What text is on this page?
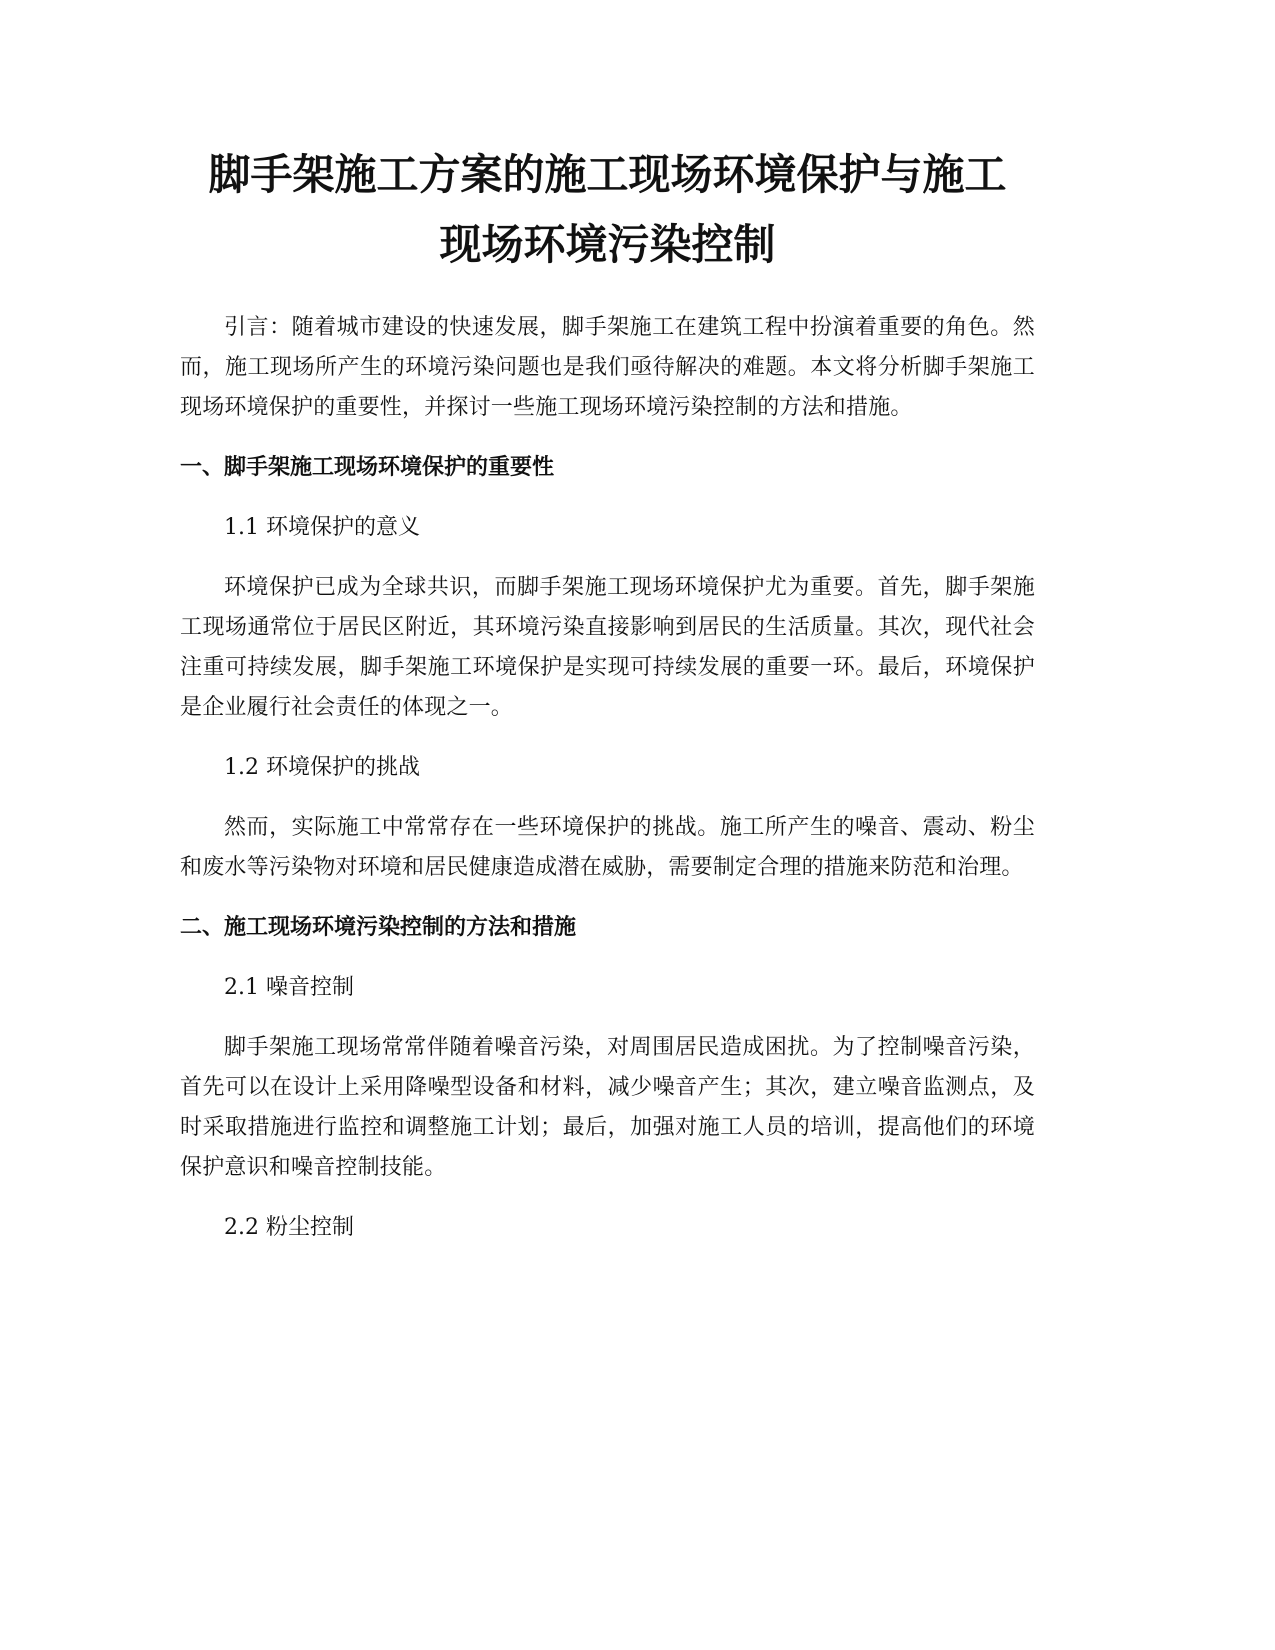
脚手架施工方案的施工现场环境保护与施工
现场环境污染控制

引言：随着城市建设的快速发展，脚手架施工在建筑工程中扮演着重要的角色。然而，施工现场所产生的环境污染问题也是我们亟待解决的难题。本文将分析脚手架施工现场环境保护的重要性，并探讨一些施工现场环境污染控制的方法和措施。

一、脚手架施工现场环境保护的重要性

1.1 环境保护的意义

环境保护已成为全球共识，而脚手架施工现场环境保护尤为重要。首先，脚手架施工现场通常位于居民区附近，其环境污染直接影响到居民的生活质量。其次，现代社会注重可持续发展，脚手架施工环境保护是实现可持续发展的重要一环。最后，环境保护是企业履行社会责任的体现之一。

1.2 环境保护的挑战

然而，实际施工中常常存在一些环境保护的挑战。施工所产生的噪音、震动、粉尘和废水等污染物对环境和居民健康造成潜在威胁，需要制定合理的措施来防范和治理。

二、施工现场环境污染控制的方法和措施

2.1 噪音控制

脚手架施工现场常常伴随着噪音污染，对周围居民造成困扰。为了控制噪音污染，首先可以在设计上采用降噪型设备和材料，减少噪音产生；其次，建立噪音监测点，及时采取措施进行监控和调整施工计划；最后，加强对施工人员的培训，提高他们的环境保护意识和噪音控制技能。

2.2 粉尘控制
